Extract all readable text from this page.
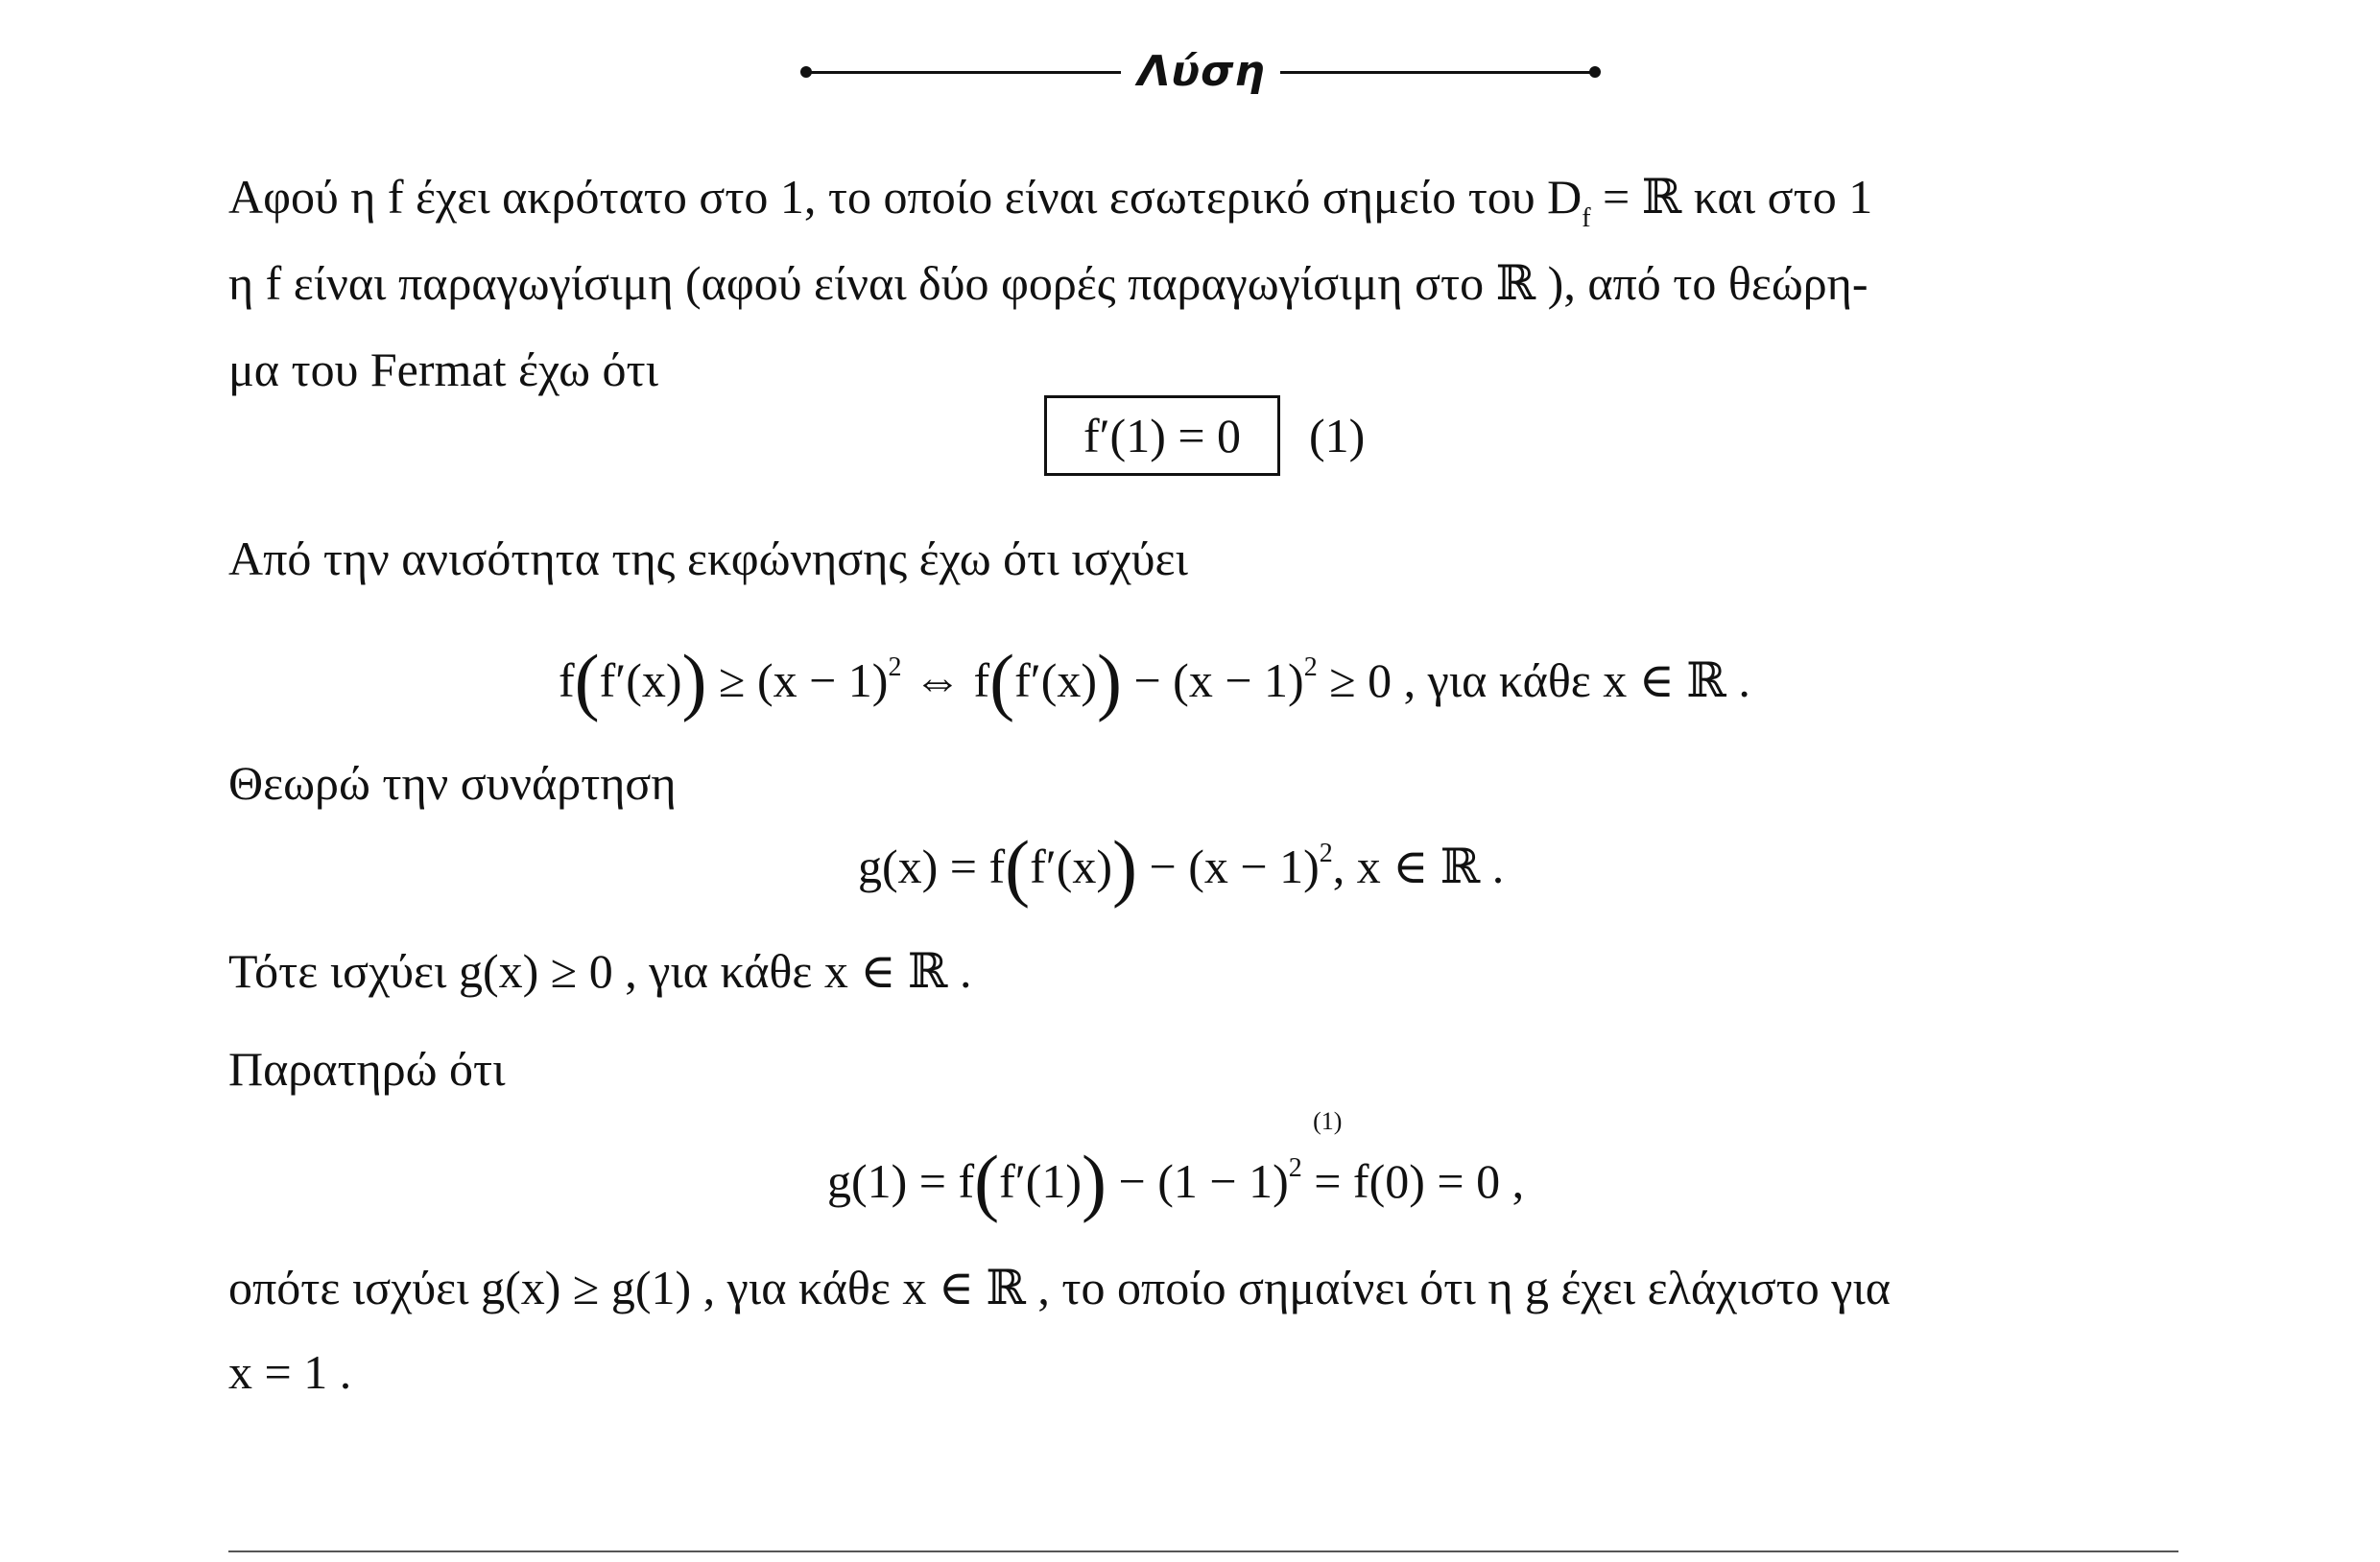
Λύση
Αφού η f έχει ακρότατο στο 1, το οποίο είναι εσωτερικό σημείο του $D_f$ = ℝ και στο 1
η f είναι παραγωγίσιμη (αφού είναι δύο φορές παραγωγίσιμη στο ℝ ), από το θεώρη-
μα του Fermat έχω ότι
f′(1) = 0	(1)
Από την ανισότητα της εκφώνησης έχω ότι ισχύει
$f(f'(x)) \ge (x - 1)^2$ ⇔ $f(f'(x)) - (x - 1)^2 \ge 0$ , για κάθε x ∈ ℝ .
Θεωρώ την συνάρτηση
$g(x) = f(f'(x)) - (x - 1)^2$, x ∈ ℝ .
Τότε ισχύει g(x) ≥ 0 , για κάθε x ∈ ℝ .
Παρατηρώ ότι
$g(1) = f(f'(1)) - (1 - 1)^2$
(1)
= f(0) = 0 ,
οπότε ισχύει g(x) ≥ g(1) , για κάθε x ∈ ℝ , το οποίο σημαίνει ότι η g έχει ελάχιστο για
x = 1 .
